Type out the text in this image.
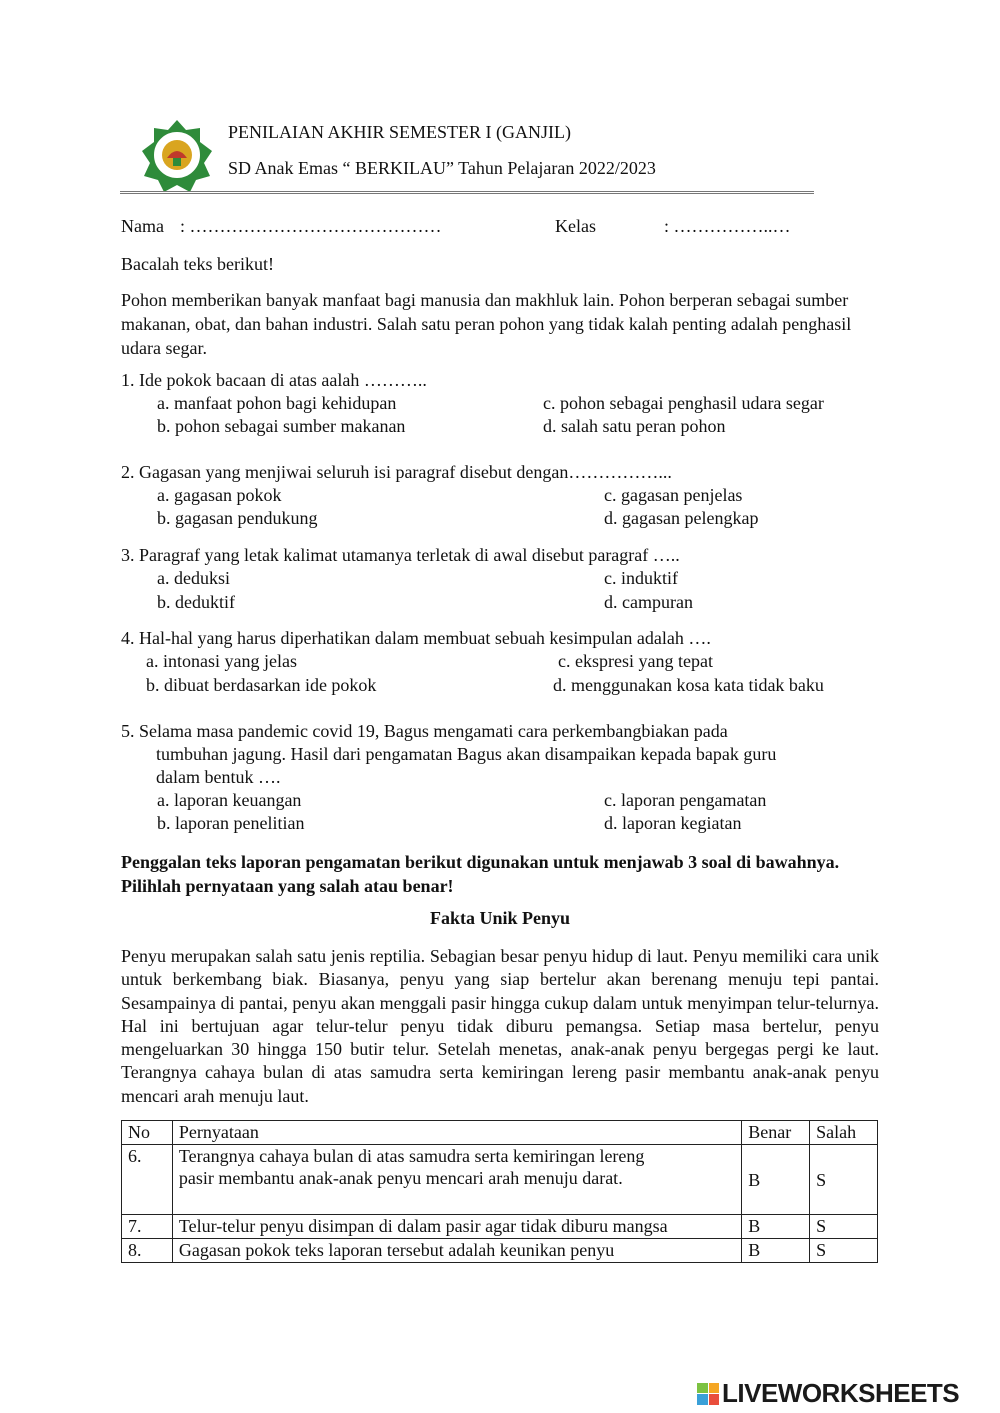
PENILAIAN AKHIR SEMESTER I (GANJIL)
SD Anak Emas “ BERKILAU” Tahun Pelajaran 2022/2023
Nama : ……………………………………	Kelas	: ……………..…
Bacalah teks berikut!

Pohon memberikan banyak manfaat bagi manusia dan makhluk lain. Pohon berperan sebagai sumber makanan, obat, dan bahan industri. Salah satu peran pohon yang tidak kalah penting adalah penghasil udara segar.

1. Ide pokok bacaan di atas aalah ………..
a. manfaat pohon bagi kehidupan
b. pohon sebagai sumber makanan
c. pohon sebagai penghasil udara segar
d. salah satu peran pohon
2. Gagasan yang menjiwai seluruh isi paragraf disebut dengan……………...
a. gagasan pokok
b. gagasan pendukung
c. gagasan penjelas
d. gagasan pelengkap
3. Paragraf yang letak kalimat utamanya terletak di awal disebut paragraf …..
a. deduksi
b. deduktif
c. induktif
d. campuran
4. Hal-hal yang harus diperhatikan dalam membuat sebuah kesimpulan adalah ….
a. intonasi yang jelas
b. dibuat berdasarkan ide pokok
c. ekspresi yang tepat
d. menggunakan kosa kata tidak baku
5. Selama masa pandemic covid 19, Bagus mengamati cara perkembangbiakan pada
tumbuhan jagung. Hasil dari pengamatan Bagus akan disampaikan kepada bapak guru
dalam bentuk ….
a. laporan keuangan
b. laporan penelitian
c. laporan pengamatan
d. laporan kegiatan

Penggalan teks laporan pengamatan berikut digunakan untuk menjawab 3 soal di bawahnya. Pilihlah pernyataan yang salah atau benar!

Fakta Unik Penyu

Penyu merupakan salah satu jenis reptilia. Sebagian besar penyu hidup di laut. Penyu memiliki cara unik untuk berkembang biak. Biasanya, penyu yang siap bertelur akan berenang menuju tepi pantai. Sesampainya di pantai, penyu akan menggali pasir hingga cukup dalam untuk menyimpan telur-telurnya. Hal ini bertujuan agar telur-telur penyu tidak diburu pemangsa. Setiap masa bertelur, penyu mengeluarkan 30 hingga 150 butir telur. Setelah menetas, anak-anak penyu bergegas pergi ke laut. Terangnya cahaya bulan di atas samudra serta kemiringan lereng pasir membantu anak-anak penyu mencari arah menuju laut.

No	Pernyataan	Benar	Salah
6.	Terangnya cahaya bulan di atas samudra serta kemiringan lereng
pasir membantu anak-anak penyu mencari arah menuju darat.	B	S
7.	Telur-telur penyu disimpan di dalam pasir agar tidak diburu mangsa	B	S
8.	Gagasan pokok teks laporan tersebut adalah keunikan penyu	B	S
LIVEWORKSHEETS
